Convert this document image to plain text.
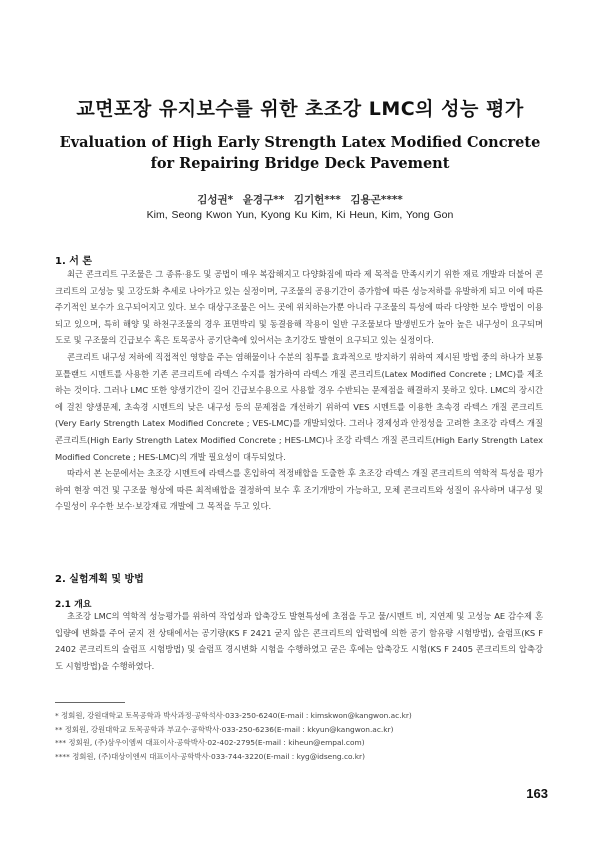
교면포장 유지보수를 위한 초조강 LMC의 성능 평가
Evaluation of High Early Strength Latex Modified Concrete
for Repairing Bridge Deck Pavement
김성권* 윤경구** 김기헌*** 김용곤****
Kim, Seong Kwon Yun, Kyong Ku Kim, Ki Heun, Kim, Yong Gon
1. 서 론

최근 콘크리트 구조물은 그 종류·용도 및 공법이 매우 복잡해지고 다양화짐에 따라 제 목적을 만족시키기 위한 재료 개발과 더불어 콘크리트의 고성능 및 고강도화 추세로 나아가고 있는 실정이며, 구조물의 공용기간이 증가함에 따른 성능저하를 유발하게 되고 이에 따른 주기적인 보수가 요구되어지고 있다. 보수 대상구조물은 어느 곳에 위치하는가뿐 아니라 구조물의 특성에 따라 다양한 보수 방법이 이용되고 있으며, 특히 해양 및 하천구조물의 경우 표면박리 및 동결융해 작용이 일반 구조물보다 발생빈도가 높아 높은 내구성이 요구되며 도로 및 구조물의 긴급보수 혹은 토목공사 공기단축에 있어서는 초기강도 발현이 요구되고 있는 실정이다.

콘크리트 내구성 저하에 직접적인 영향을 주는 염해물이나 수분의 침투를 효과적으로 방지하기 위하여 제시된 방법 중의 하나가 보통 포틀랜드 시멘트를 사용한 기존 콘크리트에 라텍스 수지를 첨가하여 라텍스 개질 콘크리트(Latex Modified Concrete ; LMC)를 제조하는 것이다. 그러나 LMC 또한 양생기간이 길어 긴급보수용으로 사용할 경우 수반되는 문제점을 해결하지 못하고 있다. LMC의 장시간에 걸친 양생문제, 초속경 시멘트의 낮은 내구성 등의 문제점을 개선하기 위하여 VES 시멘트를 이용한 초속경 라텍스 개질 콘크리트(Very Early Strength Latex Modified Concrete ; VES-LMC)를 개발되었다. 그러나 경제성과 안정성을 고려한 초조강 라텍스 개질 콘크리트(High Early Strength Latex Modified Concrete ; HES-LMC)나 조강 라텍스 개질 콘크리트(High Early Strength Latex Modified Concrete ; HES-LMC)의 개발 필요성이 대두되었다.

따라서 본 논문에서는 초조강 시멘트에 라텍스를 혼입하여 적정배합을 도출한 후 초조강 라텍스 개질 콘크리트의 역학적 특성을 평가하여 현장 여건 및 구조물 형상에 따른 최적배합을 결정하여 보수 후 조기개방이 가능하고, 모체 콘크리트와 성질이 유사하며 내구성 및 수밀성이 우수한 보수·보강재료 개발에 그 목적을 두고 있다.

2. 실험계획 및 방법
2.1 개요

초조강 LMC의 역학적 성능평가를 위하여 작업성과 압축강도 발현특성에 초점을 두고 물/시멘트 비, 지연제 및 고성능 AE 감수제 혼입량에 변화를 주어 굳지 전 상태에서는 공기량(KS F 2421 굳지 않은 콘크리트의 압력법에 의한 공기 함유량 시험방법), 슬럼프(KS F 2402 콘크리트의 슬럼프 시험방법) 및 슬럼프 경시변화 시험을 수행하였고 굳은 후에는 압축강도 시험(KS F 2405 콘크리트의 압축강도 시험방법)을 수행하였다.

* 정회원, 강원대학교 토목공학과 박사과정·공학석사·033-250-6240(E-mail : kimskwon@kangwon.ac.kr)
** 정회원, 강원대학교 토목공학과 부교수·공학박사·033-250-6236(E-mail : kkyun@kangwon.ac.kr)
*** 정회원, (주)삼우이엠씨 대표이사·공학박사·02-402-2795(E-mail : kiheun@empal.com)
**** 정회원, (주)대상이엔씨 대표이사·공학박사·033-744-3220(E-mail : kyg@idseng.co.kr)
163
